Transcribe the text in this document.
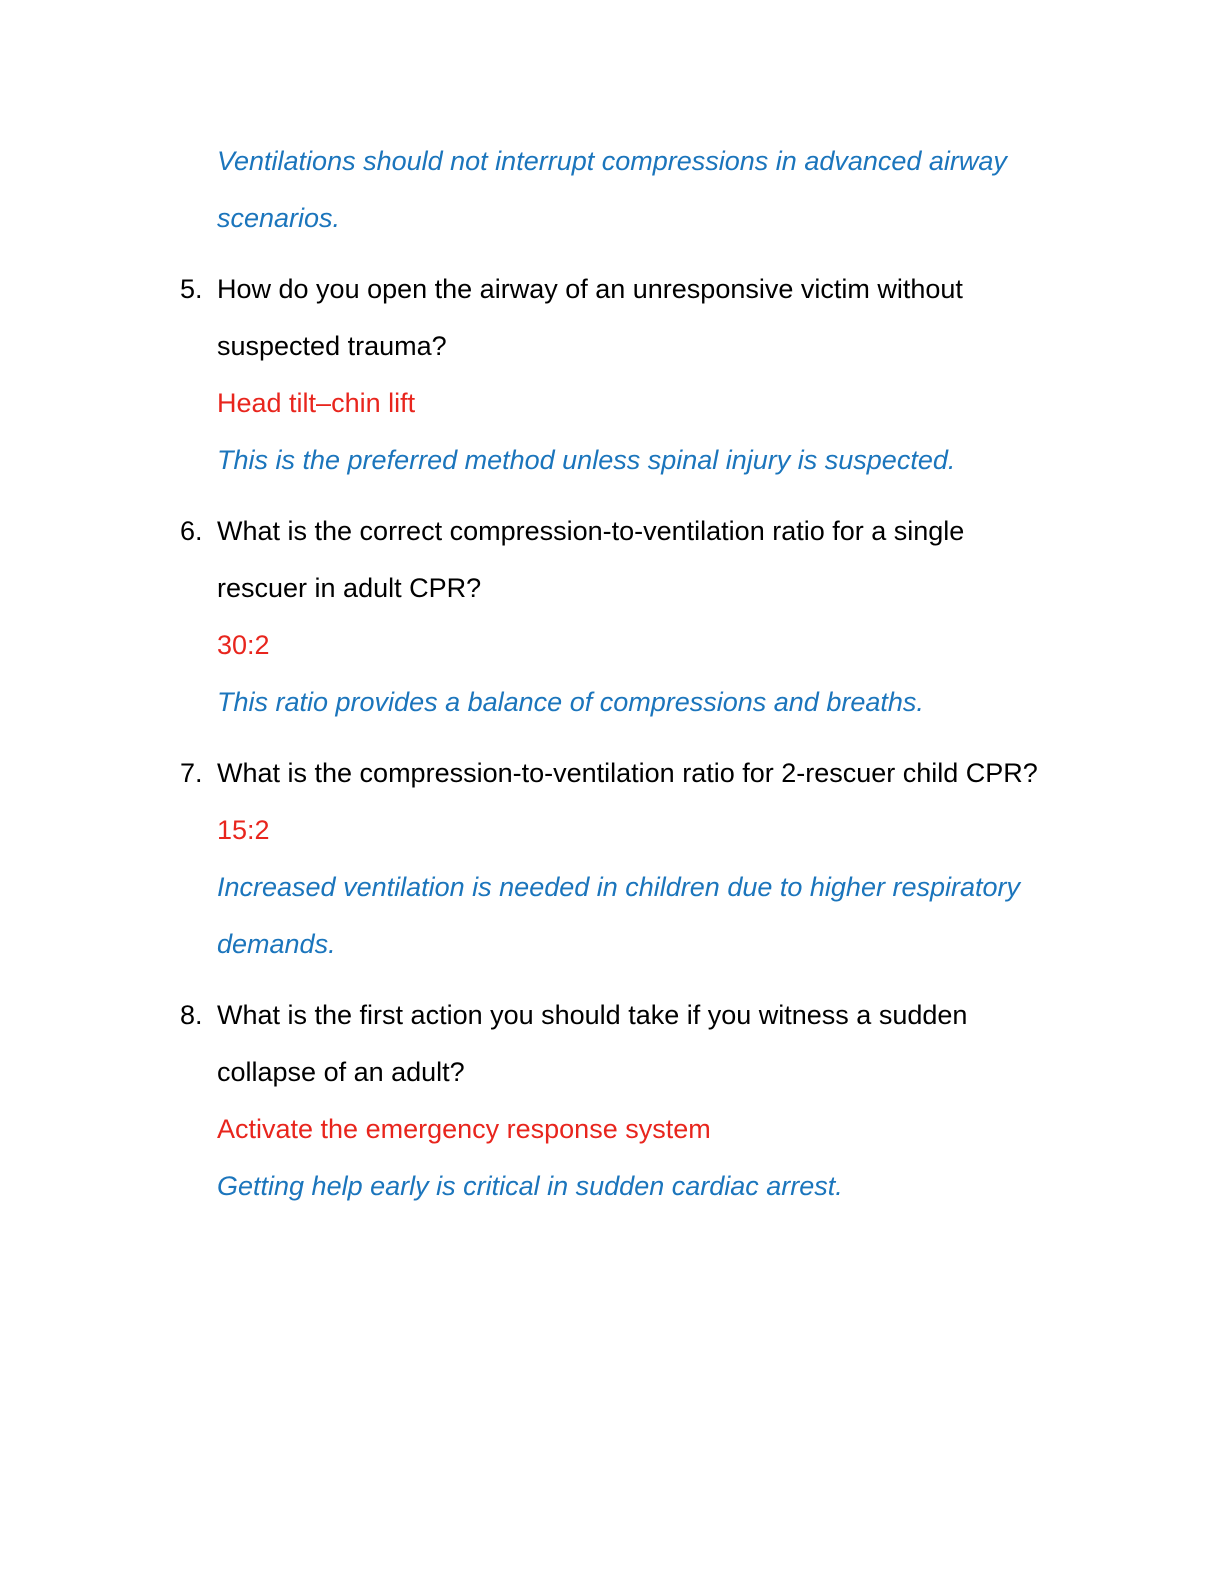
Ventilations should not interrupt compressions in advanced airway scenarios.
5. How do you open the airway of an unresponsive victim without suspected trauma?
Head tilt–chin lift
This is the preferred method unless spinal injury is suspected.
6. What is the correct compression-to-ventilation ratio for a single rescuer in adult CPR?
30:2
This ratio provides a balance of compressions and breaths.
7. What is the compression-to-ventilation ratio for 2-rescuer child CPR?
15:2
Increased ventilation is needed in children due to higher respiratory demands.
8. What is the first action you should take if you witness a sudden collapse of an adult?
Activate the emergency response system
Getting help early is critical in sudden cardiac arrest.
